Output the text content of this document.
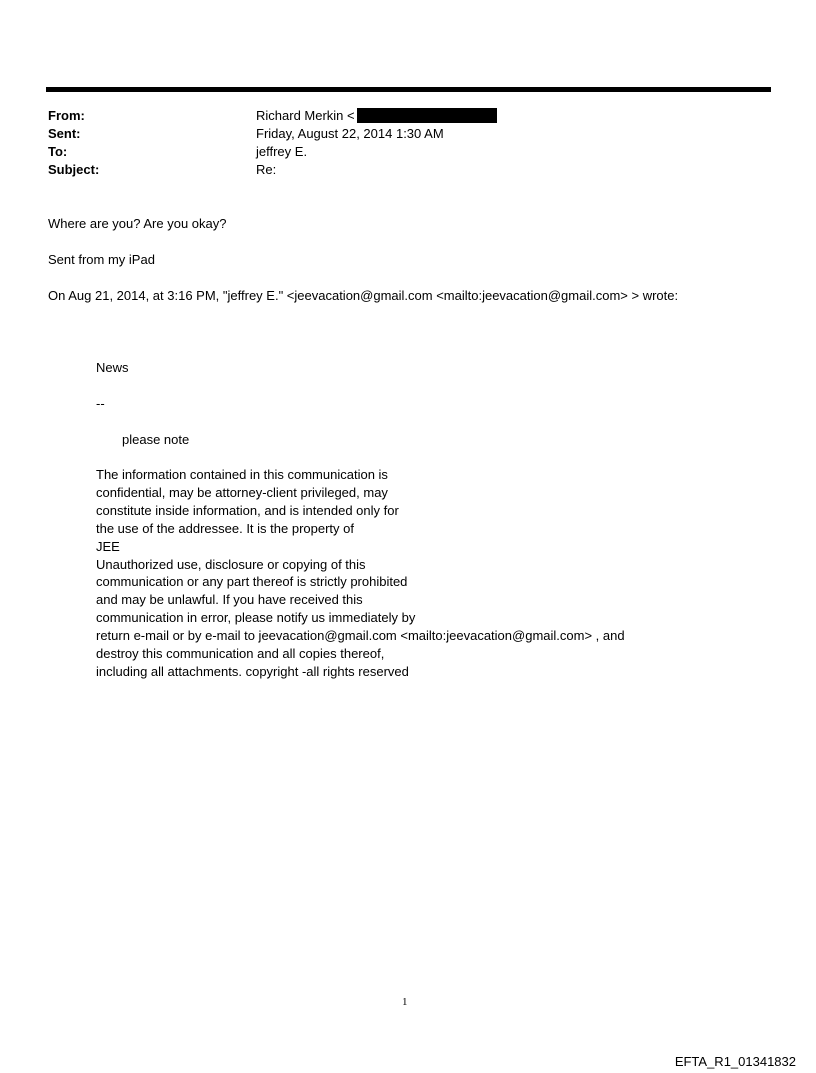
From:	Richard Merkin <
Sent:	Friday, August 22, 2014 1:30 AM
To:	jeffrey E.
Subject:	Re:
Where are you? Are you okay?
Sent from my iPad
On Aug 21, 2014, at 3:16 PM, "jeffrey E." <jeevacation@gmail.com <mailto:jeevacation@gmail.com> > wrote:
News
--
please note
The information contained in this communication is
confidential, may be attorney-client privileged, may
constitute inside information, and is intended only for
the use of the addressee. It is the property of
JEE
Unauthorized use, disclosure or copying of this
communication or any part thereof is strictly prohibited
and may be unlawful. If you have received this
communication in error, please notify us immediately by
return e-mail or by e-mail to jeevacation@gmail.com <mailto:jeevacation@gmail.com> , and
destroy this communication and all copies thereof,
including all attachments. copyright -all rights reserved
1
EFTA_R1_01341832
